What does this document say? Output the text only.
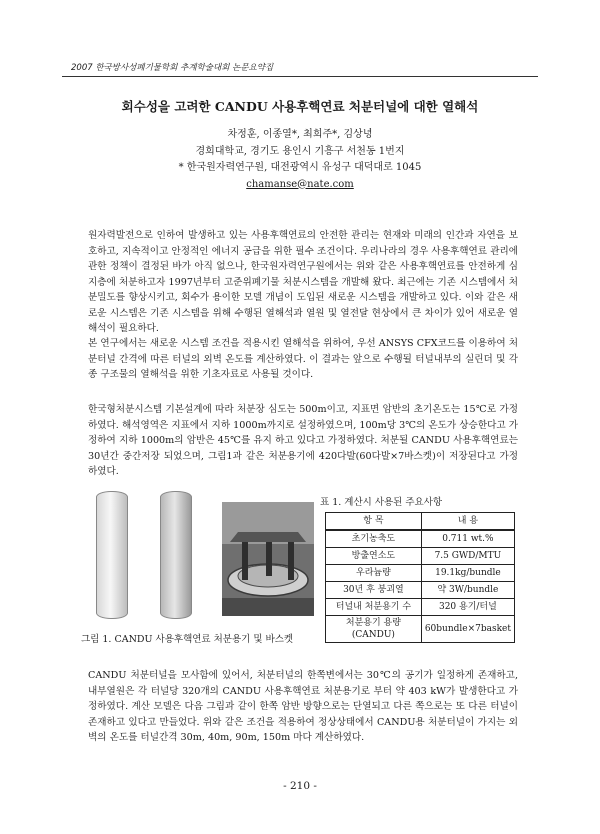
2007 한국방사성폐기물학회 추계학술대회 논문요약집
회수성을 고려한 CANDU 사용후핵연료 처분터널에 대한 열해석
차정훈, 이종열*, 최희주*, 김상녕
경희대학교, 경기도 용인시 기흥구 서천동 1번지
* 한국원자력연구원, 대전광역시 유성구 대덕대로 1045
chamanse@nate.com

원자력발전으로 인하여 발생하고 있는 사용후핵연료의 안전한 관리는 현재와 미래의 인간과 자연을 보호하고, 지속적이고 안정적인 에너지 공급을 위한 필수 조건이다. 우리나라의 경우 사용후핵연료 관리에 관한 정책이 결정된 바가 아직 없으나, 한국원자력연구원에서는 위와 같은 사용후핵연료를 안전하게 심지층에 처분하고자 1997년부터 고준위폐기물 처분시스템을 개발해 왔다. 최근에는 기존 시스템에서 처분밀도를 향상시키고, 회수가 용이한 모델 개념이 도입된 새로운 시스템을 개발하고 있다. 이와 같은 새로운 시스템은 기존 시스템을 위해 수행된 열해석과 열원 및 열전달 현상에서 큰 차이가 있어 새로운 열해석이 필요하다.

본 연구에서는 새로운 시스템 조건을 적용시킨 열해석을 위하여, 우선 ANSYS CFX코드를 이용하여 처분터널 간격에 따른 터널의 외벽 온도를 계산하였다. 이 결과는 앞으로 수행될 터널내부의 실린더 및 각종 구조물의 열해석을 위한 기초자료로 사용될 것이다.

한국형처분시스템 기본설계에 따라 처분장 심도는 500m이고, 지표면 암반의 초기온도는 15℃로 가정하였다. 해석영역은 지표에서 지하 1000m까지로 설정하였으며, 100m당 3℃의 온도가 상승한다고 가정하여 지하 1000m의 암반은 45℃를 유지 하고 있다고 가정하였다. 처분될 CANDU 사용후핵연료는 30년간 중간저장 되었으며, 그림1과 같은 처분용기에 420다발(60다발×7바스켓)이 저장된다고 가정하였다.

그림 1. CANDU 사용후핵연료 처분용기 및 바스켓
표 1. 계산시 사용된 주요사항
항 목	내 용
초기농축도	0.711 wt.%
방출연소도	7.5 GWD/MTU
우라늄량	19.1kg/bundle
30년 후 붕괴열	약 3W/bundle
터널내 처분용기 수	320 용기/터널
처분용기 용량(CANDU)	60bundle×7basket

CANDU 처분터널을 모사함에 있어서, 처분터널의 한쪽변에서는 30℃의 공기가 일정하게 존재하고, 내부열원은 각 터널당 320개의 CANDU 사용후핵연료 처분용기로 부터 약 403 kW가 발생한다고 가정하였다. 계산 모델은 다음 그림과 같이 한쪽 암반 방향으로는 단열되고 다른 쪽으로는 또 다른 터널이 존재하고 있다고 만들었다. 위와 같은 조건을 적용하여 정상상태에서 CANDU용 처분터널이 가지는 외벽의 온도를 터널간격 30m, 40m, 90m, 150m 마다 계산하였다.

- 210 -
